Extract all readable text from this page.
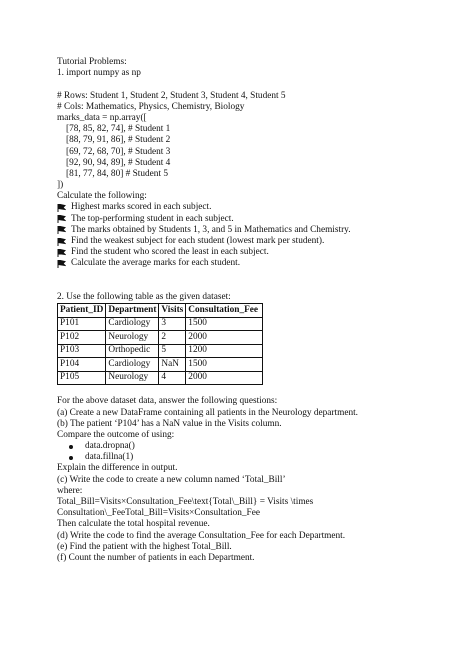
Tutorial Problems:
1. import numpy as np
# Rows: Student 1, Student 2, Student 3, Student 4, Student 5
# Cols: Mathematics, Physics, Chemistry, Biology
marks_data = np.array([
[78, 85, 82, 74], # Student 1
[88, 79, 91, 86], # Student 2
[69, 72, 68, 70], # Student 3
[92, 90, 94, 89], # Student 4
[81, 77, 84, 80] # Student 5
])
Calculate the following:
Highest marks scored in each subject.
The top-performing student in each subject.
The marks obtained by Students 1, 3, and 5 in Mathematics and Chemistry.
Find the weakest subject for each student (lowest mark per student).
Find the student who scored the least in each subject.
Calculate the average marks for each student.
2. Use the following table as the given dataset:
Patient_ID	Department	Visits	Consultation_Fee
P101	Cardiology	3	1500
P102	Neurology	2	2000
P103	Orthopedic	5	1200
P104	Cardiology	NaN	1500
P105	Neurology	4	2000
For the above dataset data, answer the following questions:
(a) Create a new DataFrame containing all patients in the Neurology department.
(b) The patient ‘P104’ has a NaN value in the Visits column.
Compare the outcome of using:
data.dropna()
data.fillna(1)
Explain the difference in output.
(c) Write the code to create a new column named ‘Total_Bill’
where:
Total_Bill=Visits×Consultation_Fee\text{Total\_Bill} = Visits \times
Consultation\_FeeTotal_Bill=Visits×Consultation_Fee
Then calculate the total hospital revenue.
(d) Write the code to find the average Consultation_Fee for each Department.
(e) Find the patient with the highest Total_Bill.
(f) Count the number of patients in each Department.
